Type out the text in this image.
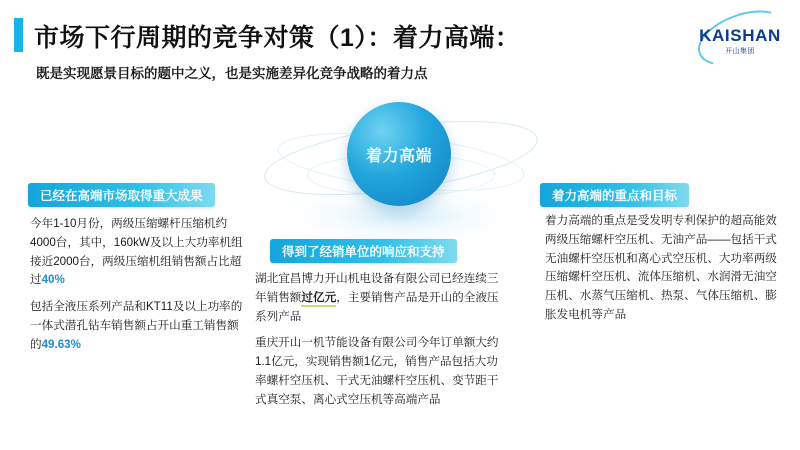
市场下行周期的竞争对策（1）：着力高端：
既是实现愿景目标的题中之义，也是实施差异化竞争战略的着力点
KAISHAN
开山集团
着力高端
已经在高端市场取得重大成果
得到了经销单位的响应和支持
着力高端的重点和目标

今年1-10月份，两级压缩螺杆压缩机约4000台，其中，160kW及以上大功率机组接近2000台，两级压缩机组销售额占比超过40%

包括全液压系列产品和KT11及以上功率的一体式潜孔钻车销售额占开山重工销售额的49.63%

湖北宜昌博力开山机电设备有限公司已经连续三年销售额过亿元，主要销售产品是开山的全液压系列产品

重庆开山一机节能设备有限公司今年订单额大约1.1亿元，实现销售额1亿元，销售产品包括大功率螺杆空压机、干式无油螺杆空压机、变节距干式真空泵、离心式空压机等高端产品

着力高端的重点是受发明专利保护的超高能效两级压缩螺杆空压机、无油产品——包括干式无油螺杆空压机和离心式空压机、大功率两级压缩螺杆空压机、流体压缩机、水润滑无油空压机、水蒸气压缩机、热泵、气体压缩机、膨胀发电机等产品
